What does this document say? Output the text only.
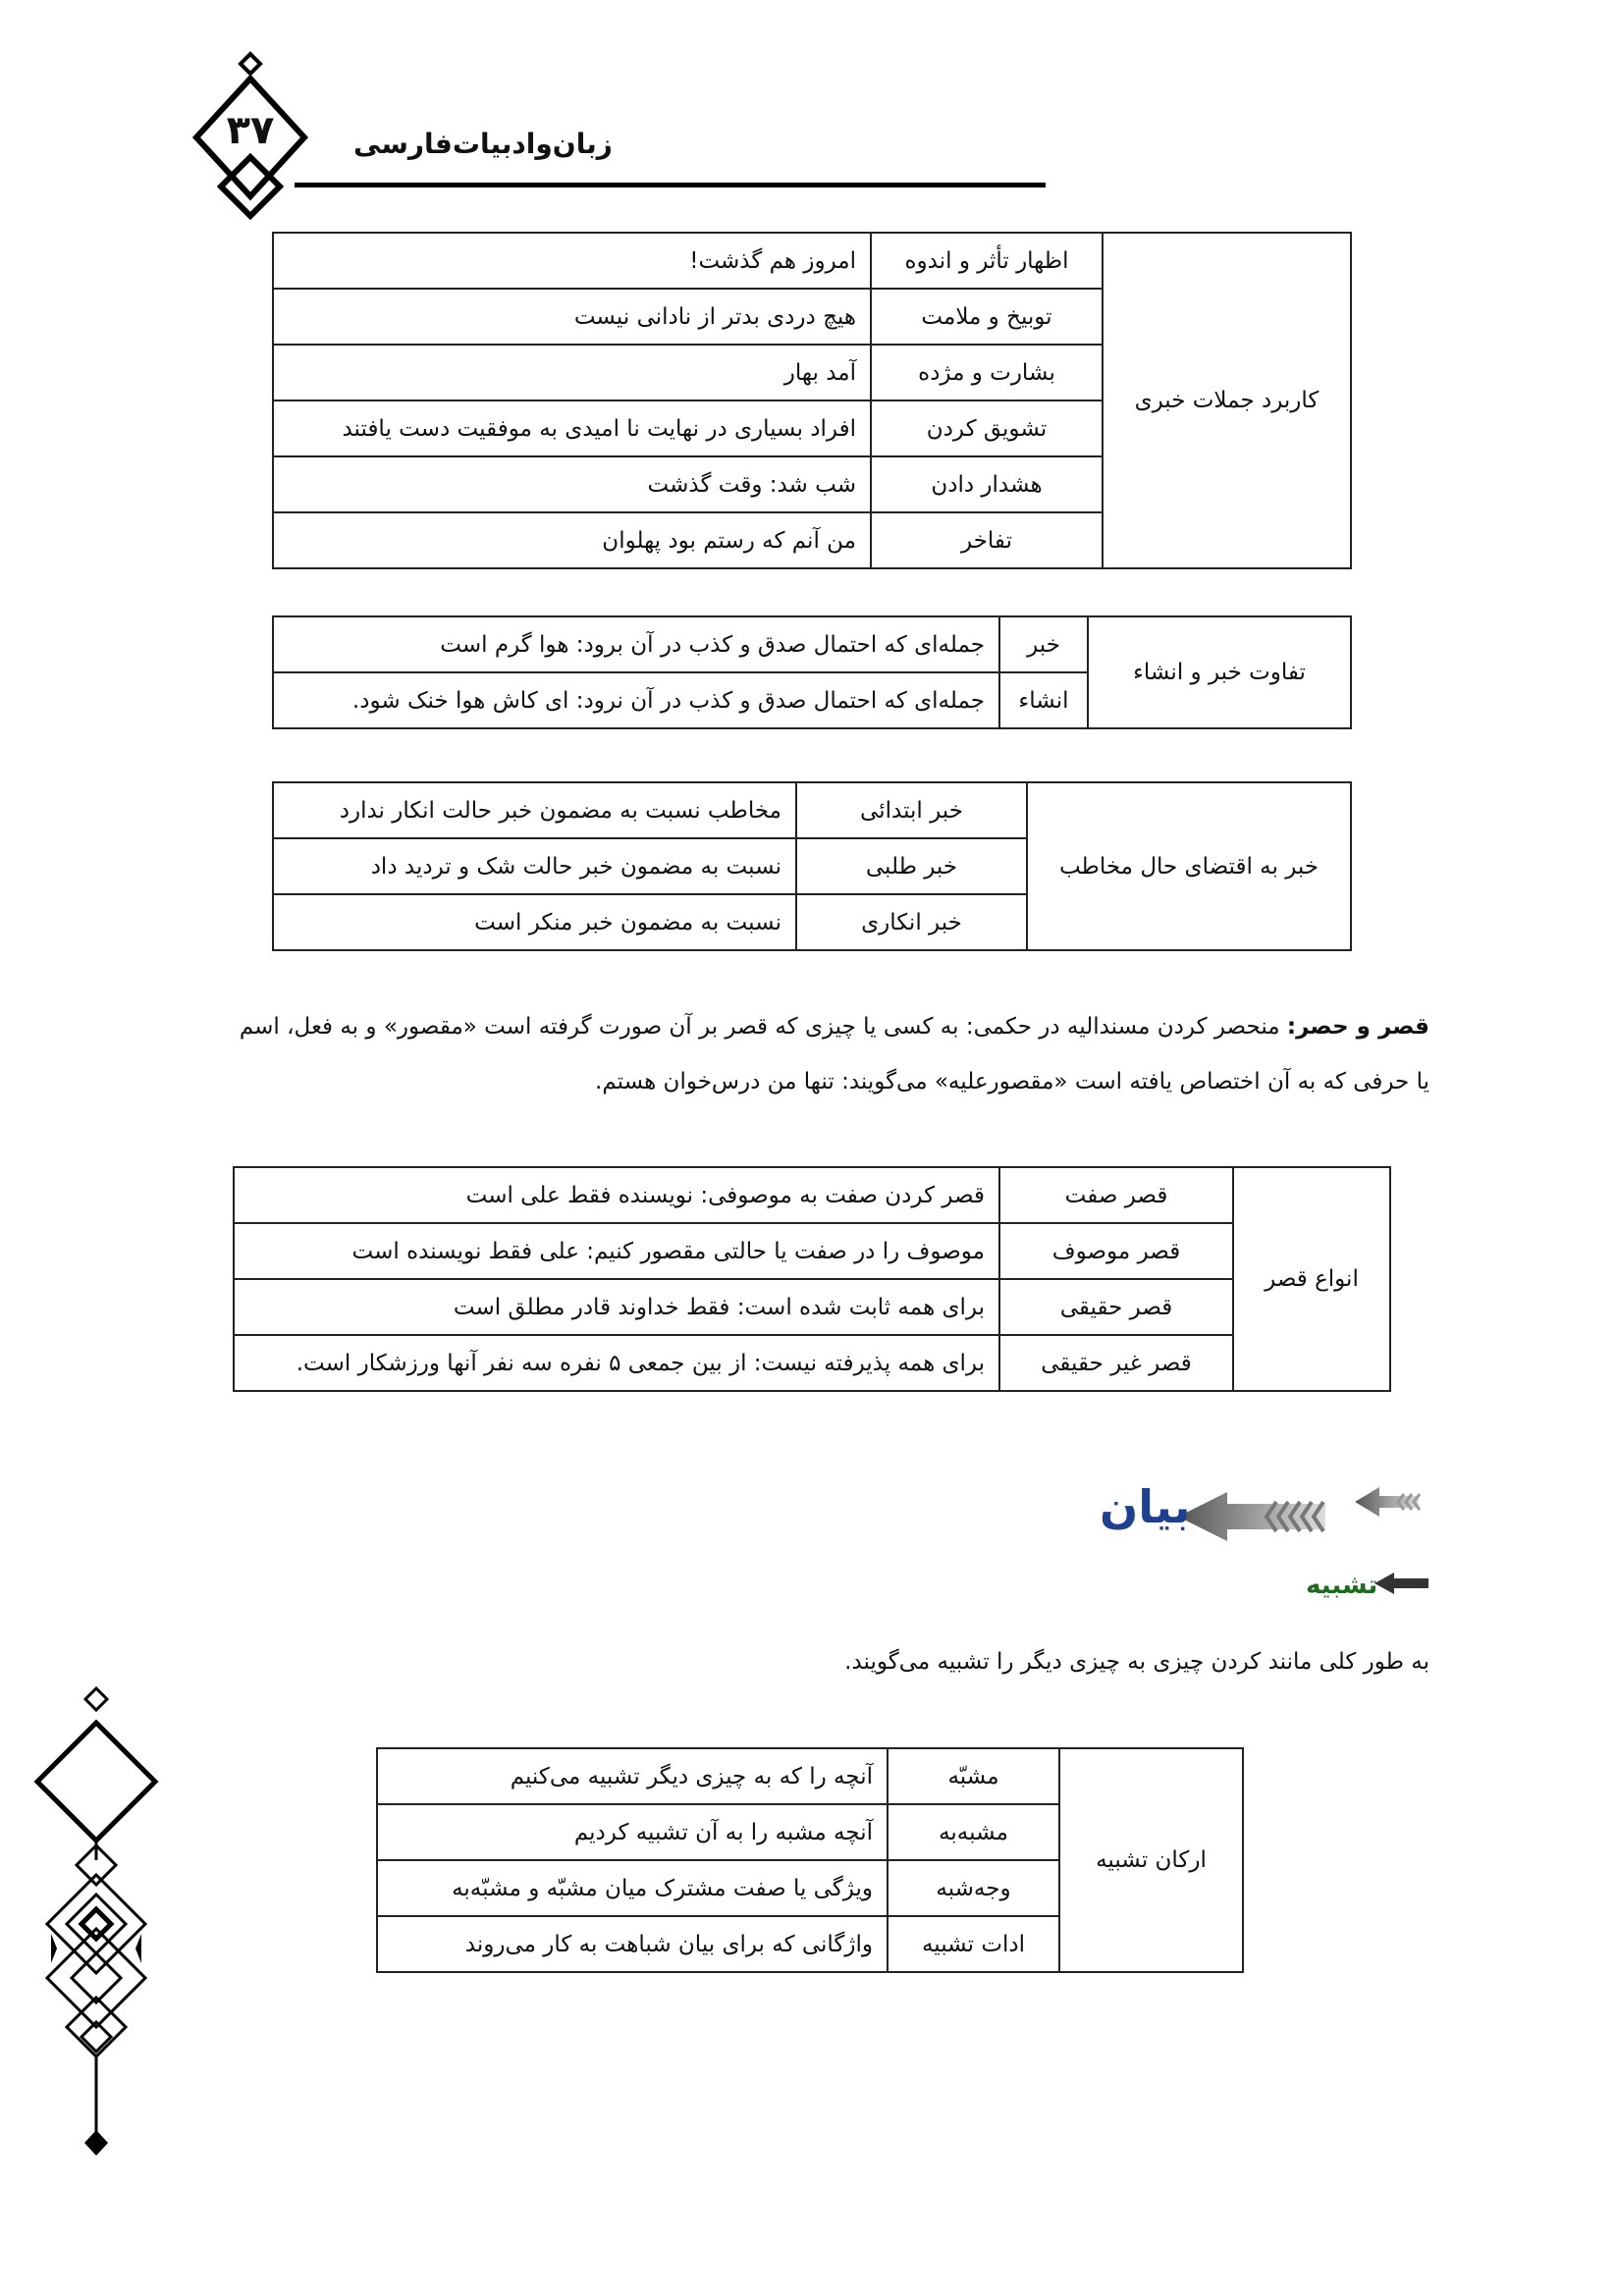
۳۷	زبان‌و‌ادبیات‌فارسی
کاربرد جملات خبری	اظهار تأثر و اندوه	امروز هم گذشت!
	توبیخ و ملامت	هیچ دردی بدتر از نادانی نیست
	بشارت و مژده	آمد بهار
	تشویق کردن	افراد بسیاری در نهایت نا امیدی به موفقیت دست یافتند
	هشدار دادن	شب شد: وقت گذشت
	تفاخر	من آنم که رستم بود پهلوان
تفاوت خبر و انشاء	خبر	جمله‌ای که احتمال صدق و کذب در آن برود: هوا گرم است
	انشاء	جمله‌ای که احتمال صدق و کذب در آن نرود: ای کاش هوا خنک شود.
خبر به اقتضای حال مخاطب	خبر ابتدائی	مخاطب نسبت به مضمون خبر حالت انکار ندارد
	خبر طلبی	نسبت به مضمون خبر حالت شک و تردید داد
	خبر انکاری	نسبت به مضمون خبر منکر است
قصر و حصر: منحصر کردن مسندالیه در حکمی: به کسی یا چیزی که قصر بر آن صورت گرفته است «مقصور» و به فعل، اسم
یا حرفی که به آن اختصاص یافته است «مقصورعلیه» می‌گویند: تنها من درس‌خوان هستم.
انواع قصر	قصر صفت	قصر کردن صفت به موصوفی: نویسنده فقط علی است
	قصر موصوف	موصوف را در صفت یا حالتی مقصور کنیم: علی فقط نویسنده است
	قصر حقیقی	برای همه ثابت شده است: فقط خداوند قادر مطلق است
	قصر غیر حقیقی	برای همه پذیرفته نیست: از بین جمعی ۵ نفره سه نفر آنها ورزشکار است.
بیان
تشبیه
به طور کلی مانند کردن چیزی به چیزی دیگر را تشبیه می‌گویند.
ارکان تشبیه	مشبّه	آنچه را که به چیزی دیگر تشبیه می‌کنیم
	مشبه‌به	آنچه مشبه را به آن تشبیه کردیم
	وجه‌شبه	ویژگی یا صفت مشترک میان مشبّه و مشبّه‌به
	ادات تشبیه	واژگانی که برای بیان شباهت به کار می‌روند
